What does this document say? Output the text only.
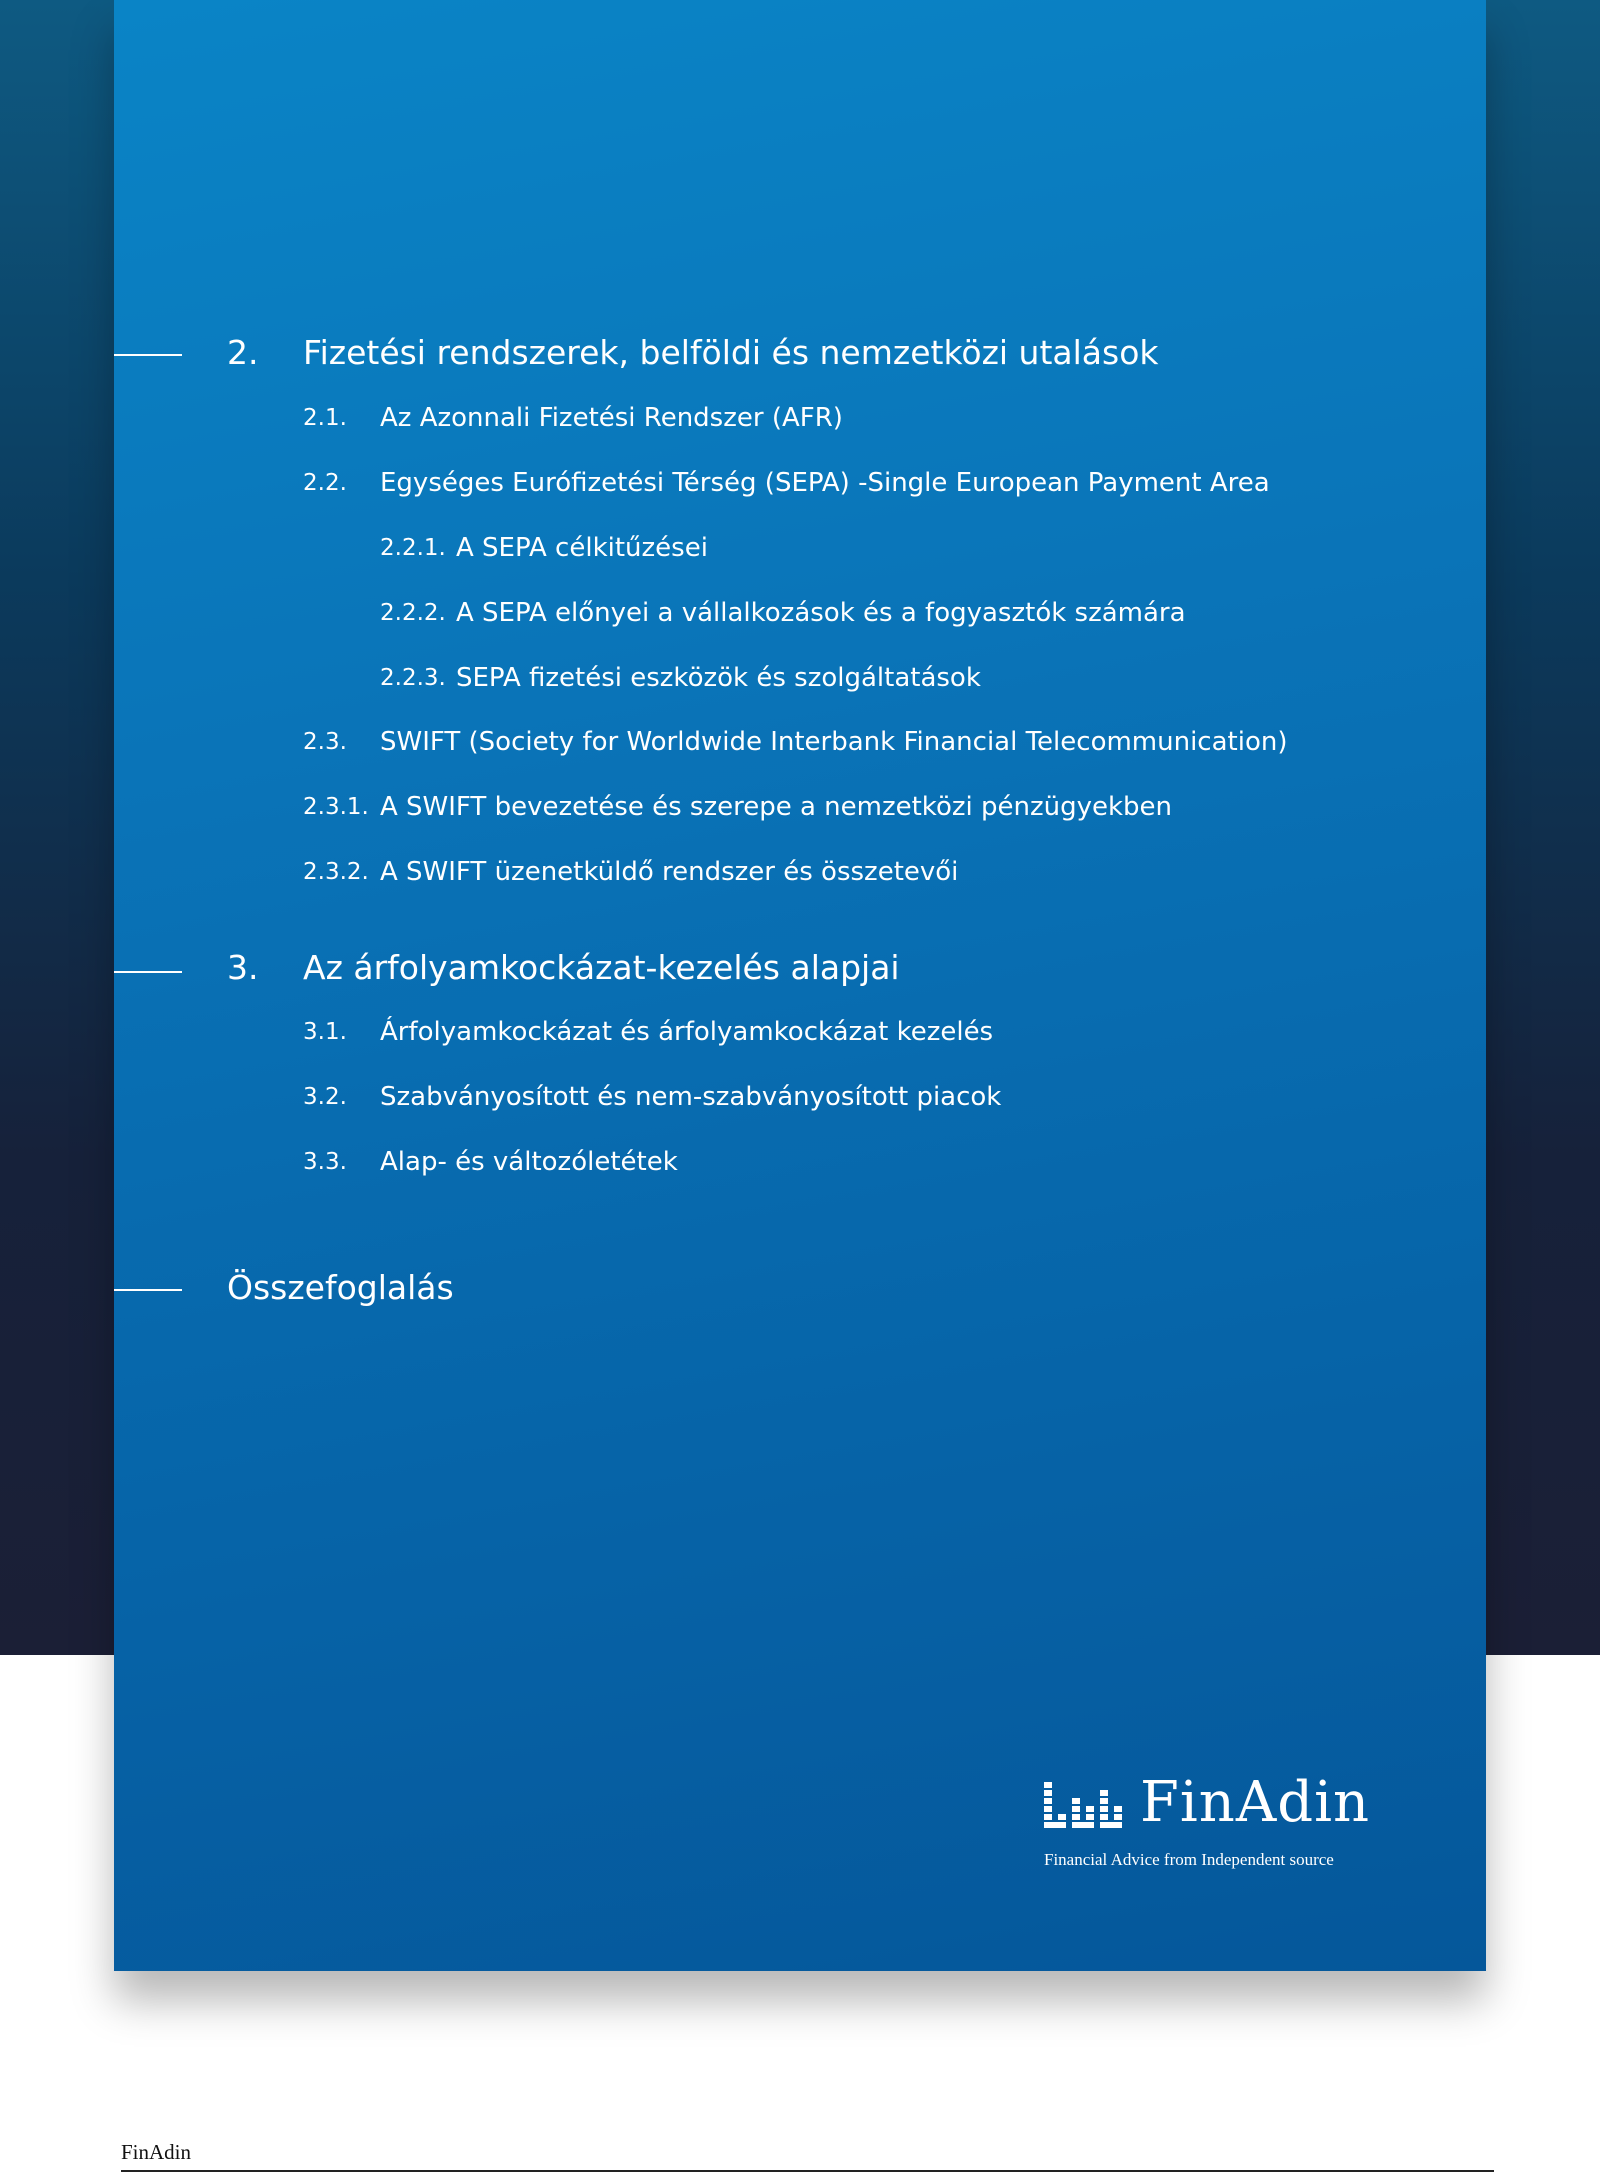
2. Fizetési rendszerek, belföldi és nemzetközi utalások
2.1. Az Azonnali Fizetési Rendszer (AFR)
2.2. Egységes Eurófizetési Térség (SEPA) -Single European Payment Area
2.2.1. A SEPA célkitűzései
2.2.2. A SEPA előnyei a vállalkozások és a fogyasztók számára
2.2.3. SEPA fizetési eszközök és szolgáltatások
2.3. SWIFT (Society for Worldwide Interbank Financial Telecommunication)
2.3.1. A SWIFT bevezetése és szerepe a nemzetközi pénzügyekben
2.3.2. A SWIFT üzenetküldő rendszer és összetevői
3. Az árfolyamkockázat-kezelés alapjai
3.1. Árfolyamkockázat és árfolyamkockázat kezelés
3.2. Szabványosított és nem-szabványosított piacok
3.3. Alap- és változóletétek
Összefoglalás
FinAdin
Financial Advice from Independent source
FinAdin
